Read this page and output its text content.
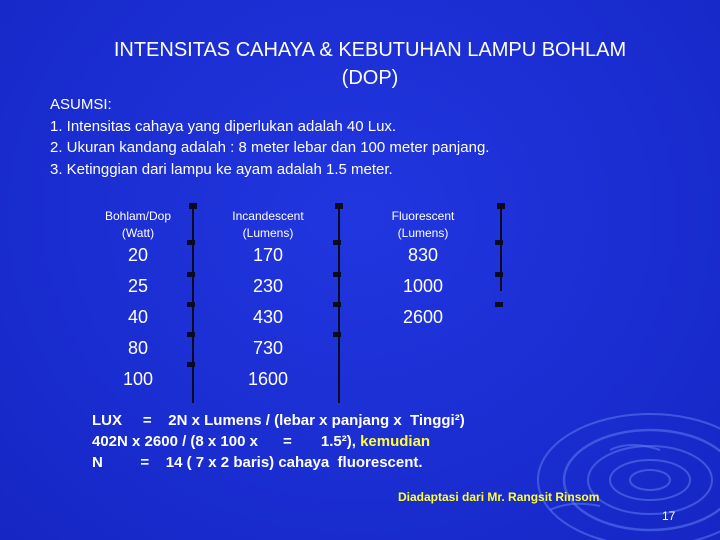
INTENSITAS CAHAYA & KEBUTUHAN LAMPU BOHLAM
(DOP)
ASUMSI:
1. Intensitas cahaya yang diperlukan adalah 40 Lux.
2. Ukuran kandang adalah : 8 meter lebar dan 100 meter panjang.
3. Ketinggian dari lampu ke ayam adalah 1.5 meter.
Bohlam/Dop
(Watt)
20
25
40
80
100
Incandescent
(Lumens)
170
230
430
730
1600
Fluorescent
(Lumens)
830
1000
2600
LUX     =    2N x Lumens / (lebar x panjang x  Tinggi²)
402N x 2600 / (8 x 100 x      =       1.5²), kemudian
N         =    14 ( 7 x 2 baris) cahaya  fluorescent.
Diadaptasi dari Mr. Rangsit Rinsom
17
